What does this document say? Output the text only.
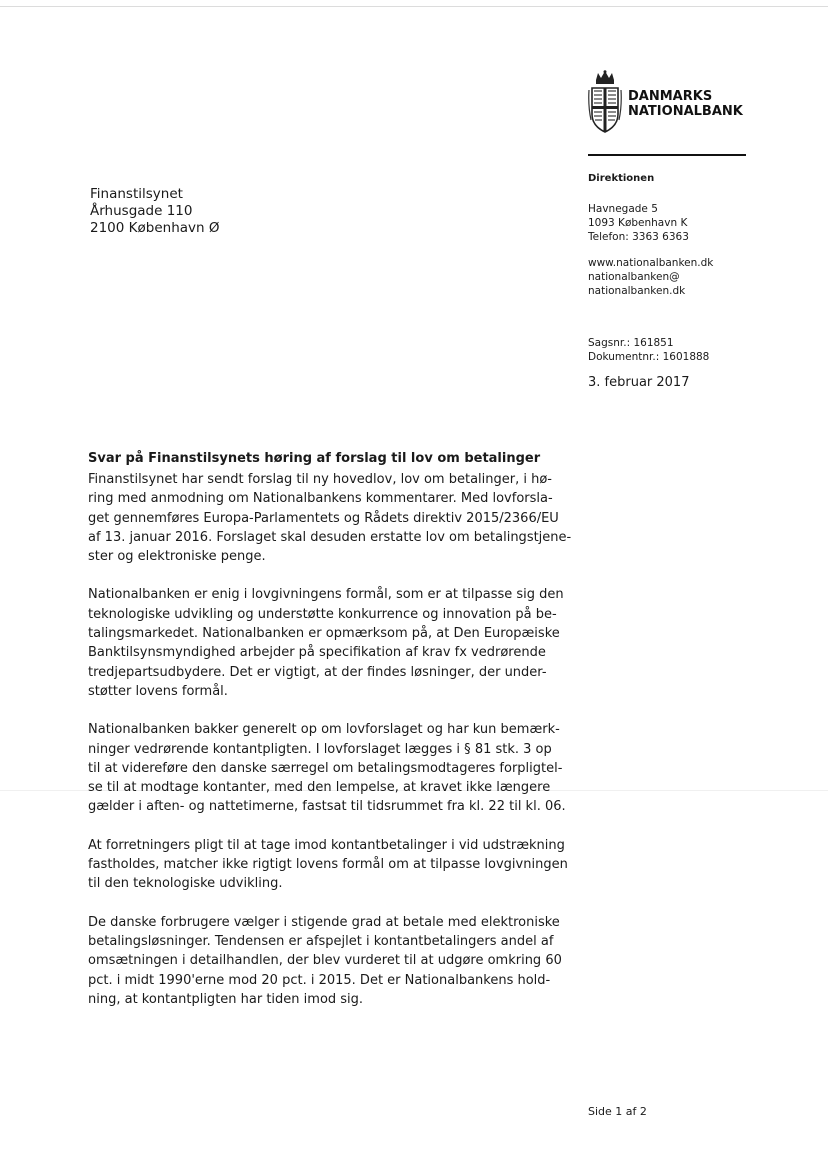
DANMARKS
NATIONALBANK
Finanstilsynet
Århusgade 110
2100 København Ø
Direktionen
Havnegade 5
1093 København K
Telefon: 3363 6363
www.nationalbanken.dk
nationalbanken@
nationalbanken.dk
Sagsnr.: 161851
Dokumentnr.: 1601888
3. februar 2017
Svar på Finanstilsynets høring af forslag til lov om betalinger
Finanstilsynet har sendt forslag til ny hovedlov, lov om betalinger, i hø-
ring med anmodning om Nationalbankens kommentarer. Med lovforsla-
get gennemføres Europa-Parlamentets og Rådets direktiv 2015/2366/EU
af 13. januar 2016. Forslaget skal desuden erstatte lov om betalingstjene-
ster og elektroniske penge.
Nationalbanken er enig i lovgivningens formål, som er at tilpasse sig den
teknologiske udvikling og understøtte konkurrence og innovation på be-
talingsmarkedet. Nationalbanken er opmærksom på, at Den Europæiske
Banktilsynsmyndighed arbejder på specifikation af krav fx vedrørende
tredjepartsudbydere. Det er vigtigt, at der findes løsninger, der under-
støtter lovens formål.
Nationalbanken bakker generelt op om lovforslaget og har kun bemærk-
ninger vedrørende kontantpligten. I lovforslaget lægges i § 81 stk. 3 op
til at videreføre den danske særregel om betalingsmodtageres forpligtel-
se til at modtage kontanter, med den lempelse, at kravet ikke længere
gælder i aften- og nattetimerne, fastsat til tidsrummet fra kl. 22 til kl. 06.
At forretningers pligt til at tage imod kontantbetalinger i vid udstrækning
fastholdes, matcher ikke rigtigt lovens formål om at tilpasse lovgivningen
til den teknologiske udvikling.
De danske forbrugere vælger i stigende grad at betale med elektroniske
betalingsløsninger. Tendensen er afspejlet i kontantbetalingers andel af
omsætningen i detailhandlen, der blev vurderet til at udgøre omkring 60
pct. i midt 1990'erne mod 20 pct. i 2015. Det er Nationalbankens hold-
ning, at kontantpligten har tiden imod sig.
Side 1 af 2
